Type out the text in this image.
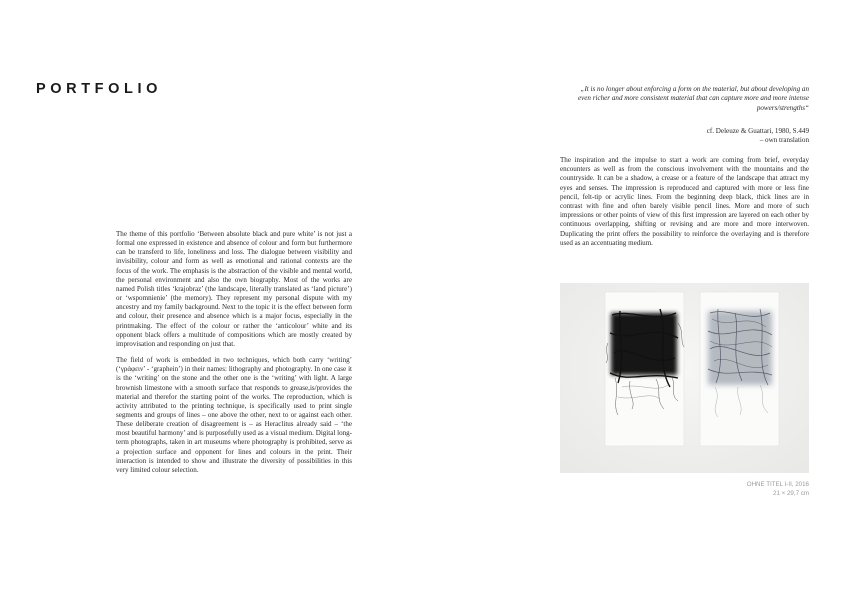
PORTFOLIO

The theme of this portfolio ‘Between absolute black and pure white’ is not just a formal one expressed in existence and absence of colour and form but furthermore can be transferd to life, loneliness and loss. The dialogue between visibility and invisibility, colour and form as well as emotional and rational contexts are the focus of the work. The emphasis is the abstraction of the visible and mental world, the personal environment and also the own biography. Most of the works are named Polish titles ‘krajobraz’ (the landscape, literally translated as ‘land picture’) or ‘wspomnienie’ (the memory). They represent my personal dispute with my ancestry and my family background. Next to the topic it is the effect between form and colour, their presence and absence which is a major focus, especially in the printmaking. The effect of the colour or rather the ‘anticolour’ white and its opponent black offers a multitude of compositions which are mostly created by improvisation and responding on just that.

The field of work is embedded in two techniques, which both carry ‘writing’ (‘γράφειν’ - ‘graphein’) in their names: lithography and photography. In one case it is the ‘writing’ on the stone and the other one is the ‘writing’ with light. A large brownish limestone with a smooth surface that responds to grease,is/provides the material and therefor the starting point of the works. The reproduction, which is activity attributed to the printing technique, is specifically used to print single segments and groups of lines – one above the other, next to or against each other. These deliberate creation of disagreement is – as Heraclitus already said – ‘the most beautiful harmony’ and is purposefully used as a visual medium. Digital long-term photographs, taken in art museums where photography is prohibited, serve as a projection surface and opponent for lines and colours in the print. Their interaction is intended to show and illustrate the diversity of possibilities in this very limited colour selection.

„It is no longer about enforcing a form on the material, but about developing an even richer and more consistent material that can capture more and more intense powers/strengths“

cf. Deleuze & Guattari, 1980, S.449
– own translation

The inspiration and the impulse to start a work are coming from brief, everyday encounters as well as from the conscious involvement with the mountains and the countryside. It can be a shadow, a crease or a feature of the landscape that attract my eyes and senses. The impression is reproduced and captured with more or less fine pencil, felt-tip or acrylic lines. From the beginning deep black, thick lines are in contrast with fine and often barely visible pencil lines. More and more of such impressions or other points of view of this first impression are layered on each other by continuous overlapping, shifting or revising and are more and more interwoven. Duplicating the print offers the possibility to reinforce the overlaying and is therefore used as an accentuating medium.

OHNE TITEL I-II, 2016
21 × 29,7 cm
